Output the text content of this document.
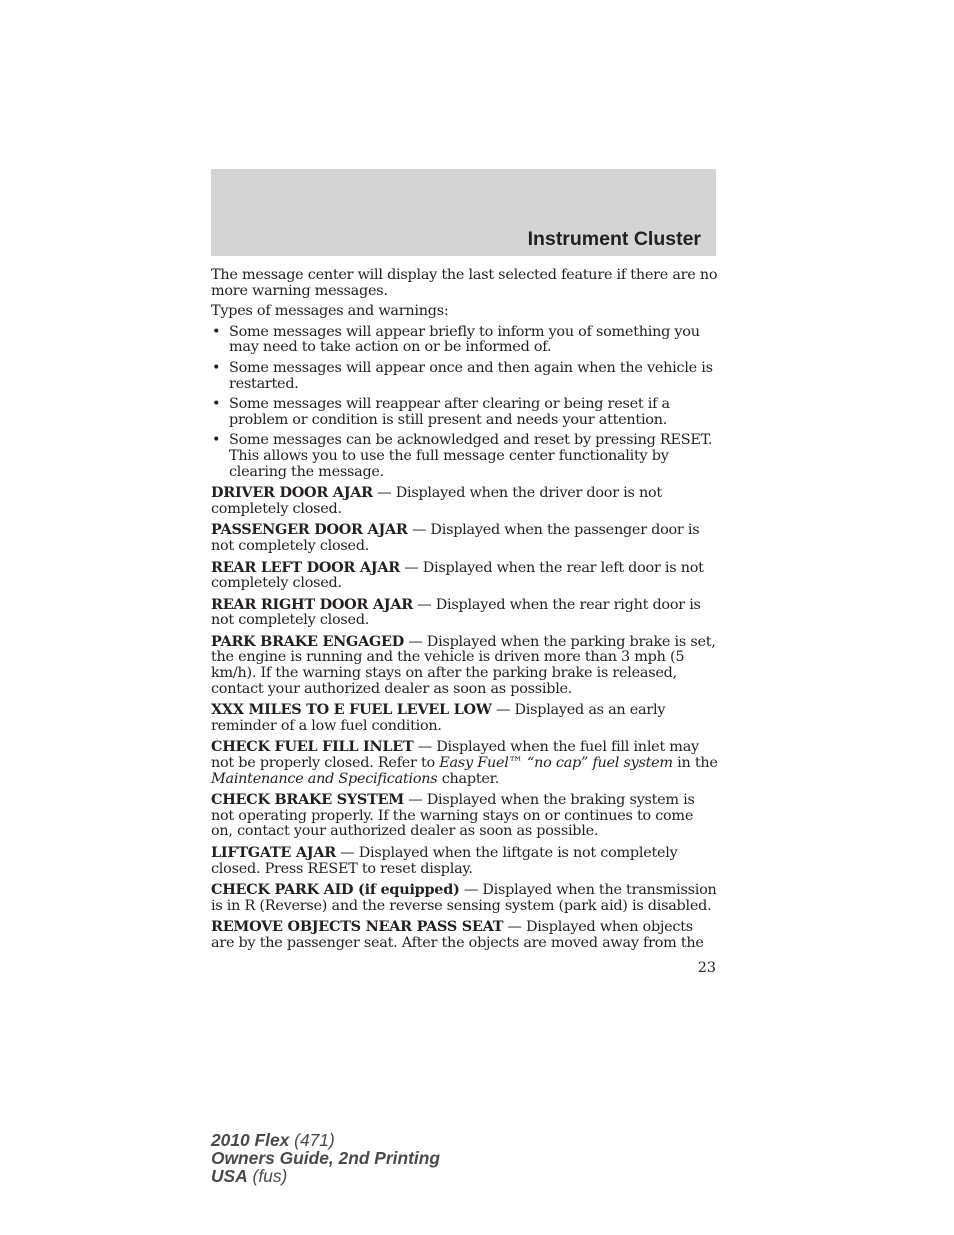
Instrument Cluster

The message center will display the last selected feature if there are no more warning messages.

Types of messages and warnings:

• Some messages will appear briefly to inform you of something you may need to take action on or be informed of.
• Some messages will appear once and then again when the vehicle is restarted.
• Some messages will reappear after clearing or being reset if a problem or condition is still present and needs your attention.
• Some messages can be acknowledged and reset by pressing RESET. This allows you to use the full message center functionality by clearing the message.

DRIVER DOOR AJAR — Displayed when the driver door is not completely closed.

PASSENGER DOOR AJAR — Displayed when the passenger door is not completely closed.

REAR LEFT DOOR AJAR — Displayed when the rear left door is not completely closed.

REAR RIGHT DOOR AJAR — Displayed when the rear right door is not completely closed.

PARK BRAKE ENGAGED — Displayed when the parking brake is set, the engine is running and the vehicle is driven more than 3 mph (5 km/h). If the warning stays on after the parking brake is released, contact your authorized dealer as soon as possible.

XXX MILES TO E FUEL LEVEL LOW — Displayed as an early reminder of a low fuel condition.

CHECK FUEL FILL INLET — Displayed when the fuel fill inlet may not be properly closed. Refer to Easy Fuel™ “no cap” fuel system in the Maintenance and Specifications chapter.

CHECK BRAKE SYSTEM — Displayed when the braking system is not operating properly. If the warning stays on or continues to come on, contact your authorized dealer as soon as possible.

LIFTGATE AJAR — Displayed when the liftgate is not completely closed. Press RESET to reset display.

CHECK PARK AID (if equipped) — Displayed when the transmission is in R (Reverse) and the reverse sensing system (park aid) is disabled.

REMOVE OBJECTS NEAR PASS SEAT — Displayed when objects are by the passenger seat. After the objects are moved away from the

23
2010 Flex (471)
Owners Guide, 2nd Printing
USA (fus)
